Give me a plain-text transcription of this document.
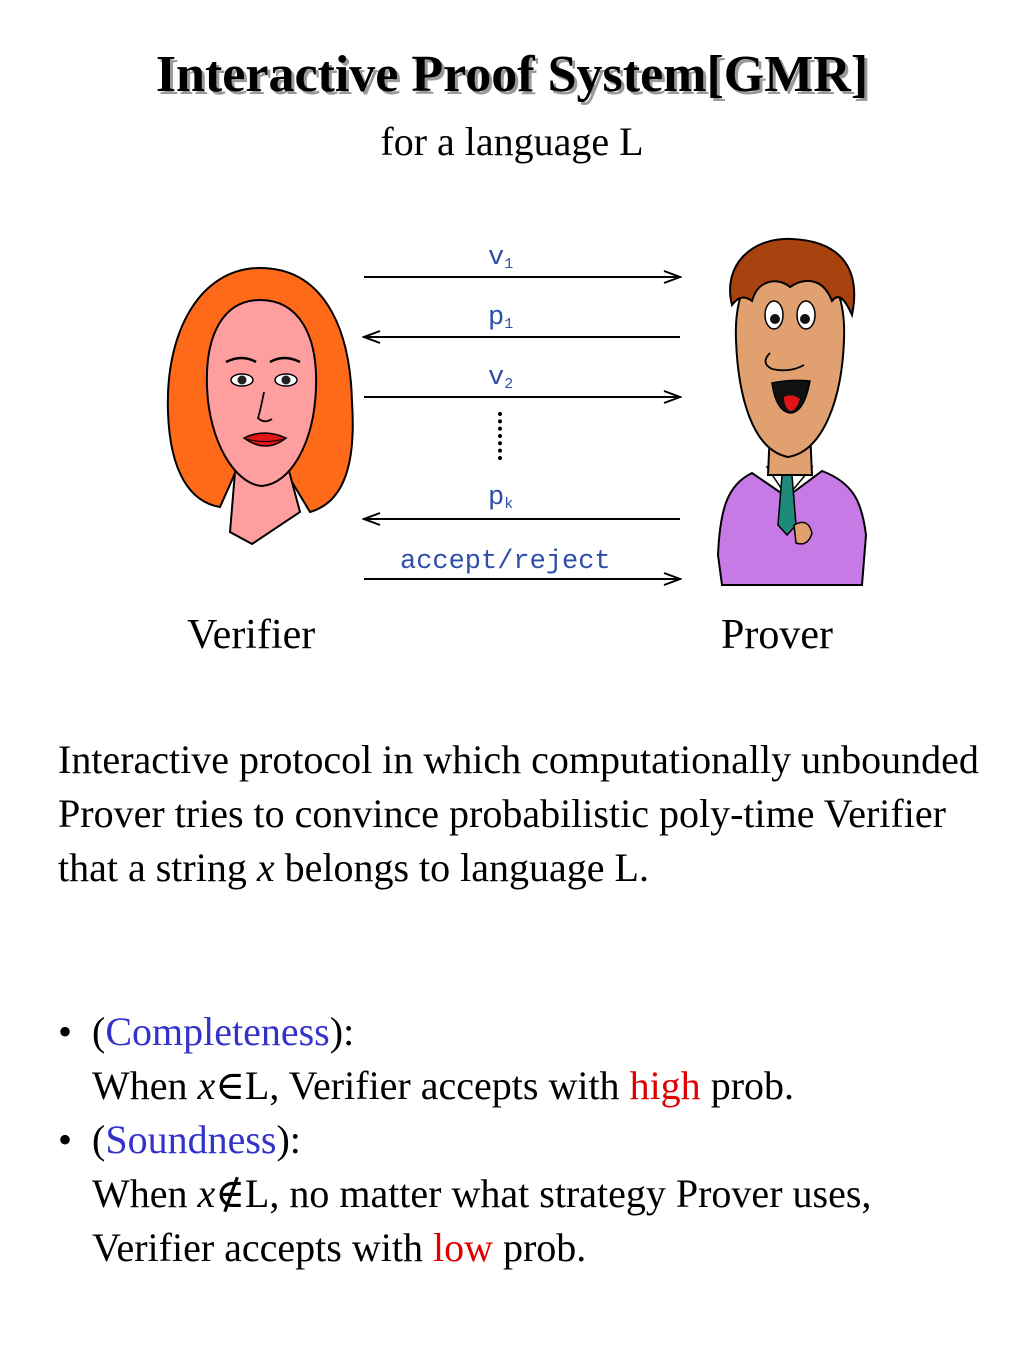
Interactive Proof System[GMR]
for a language L
$v_1$
$p_1$
$v_2$
$p_k$
accept/reject
Verifier	Prover

Interactive protocol in which computationally unbounded Prover tries to convince probabilistic poly-time Verifier that a string x belongs to language L.

• (Completeness):
When x∈L, Verifier accepts with high prob.
• (Soundness):
When x∉L, no matter what strategy Prover uses, Verifier accepts with low prob.
